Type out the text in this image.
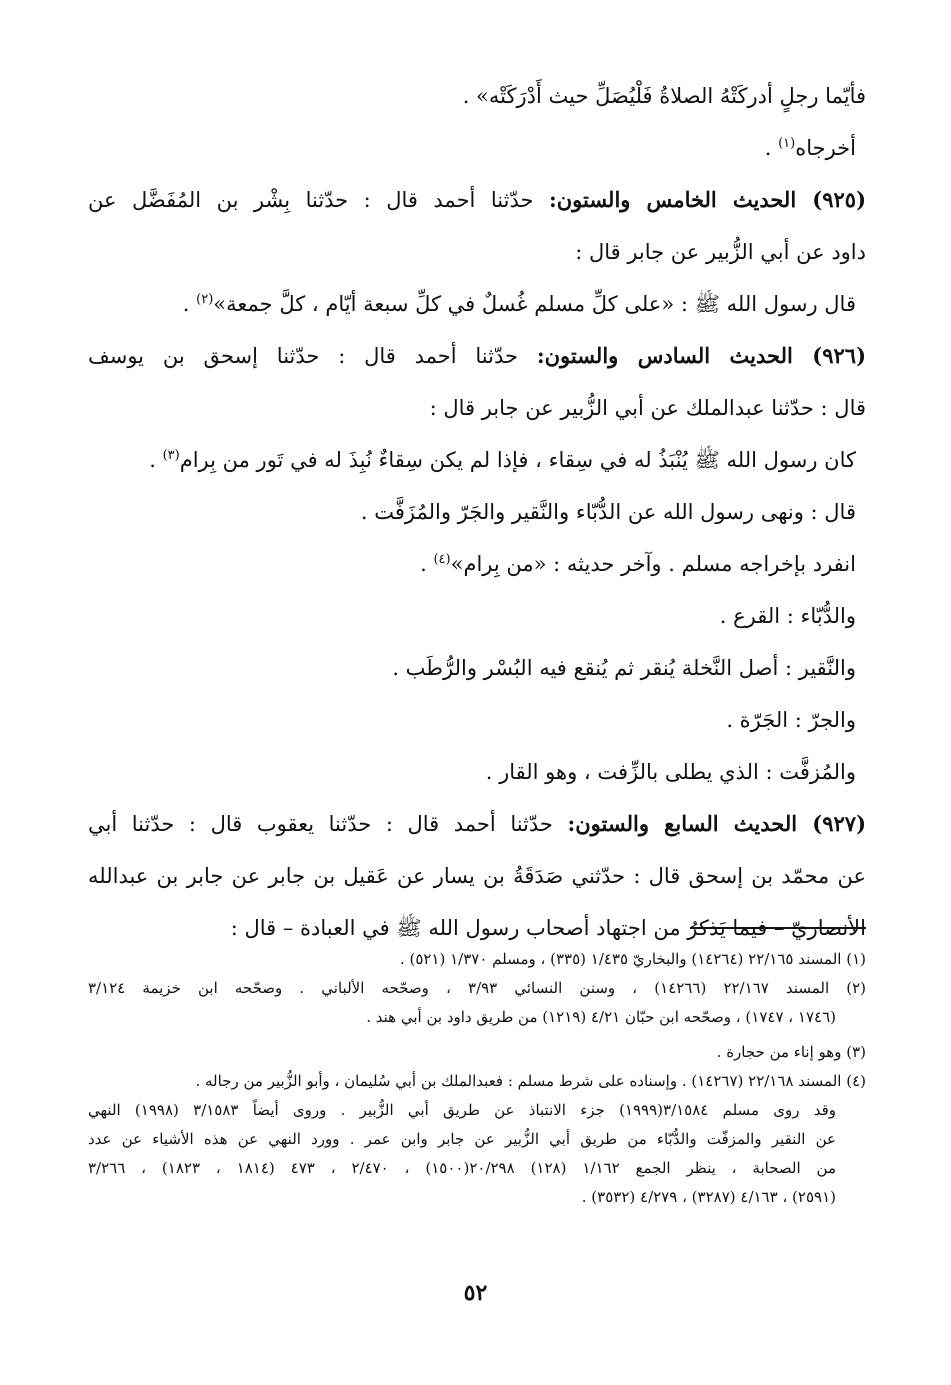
فأيّما رجلٍ أدركَتْهُ الصلاةُ فَلْيُصَلِّ حيث أَدْرَكَتْه» .
أخرجاه$^{(١)}$ .
(٩٢٥) الحديث الخامس والستون: حدّثنا أحمد قال : حدّثنا بِشْر بن المُفَضَّل عن
داود عن أبي الزُّبير عن جابر قال :
قال رسول الله ﷺ : «على كلِّ مسلم غُسلٌ في كلِّ سبعة أيّام ، كلَّ جمعة»$^{(٢)}$ .
(٩٢٦) الحديث السادس والستون: حدّثنا أحمد قال : حدّثنا إسحق بن يوسف
قال : حدّثنا عبدالملك عن أبي الزُّبير عن جابر قال :
كان رسول الله ﷺ يُنْبَذُ له في سِقاء ، فإذا لم يكن سِقاءٌ نُبِذَ له في تَور من بِرام$^{(٣)}$ .
قال : ونهى رسول الله عن الدُّبّاء والنَّقير والجَرّ والمُزَفَّت .
انفرد بإخراجه مسلم . وآخر حديثه : «من بِرام»$^{(٤)}$ .
والدُّبّاء : القرع .
والنَّقير : أصل النَّخلة يُنقر ثم يُنقع فيه البُسْر والرُّطَب .
والجرّ : الجَرّة .
والمُزفَّت : الذي يطلى بالزِّفت ، وهو القار .
(٩٢٧) الحديث السابع والستون: حدّثنا أحمد قال : حدّثنا يعقوب قال : حدّثنا أبي
عن محمّد بن إسحق قال : حدّثني صَدَقَةُ بن يسار عن عَقيل بن جابر عن جابر بن عبدالله
الأنصاريّ – فيما يَذكرُ من اجتهاد أصحاب رسول الله ﷺ في العبادة – قال :
(١) المسند ٢٢/١٦٥ (١٤٢٦٤) والبخاريّ ١/٤٣٥ (٣٣٥) ، ومسلم ١/٣٧٠ (٥٢١) .
(٢) المسند ٢٢/١٦٧ (١٤٢٦٦) ، وسنن النسائي ٣/٩٣ ، وصحّحه الألباني . وصحّحه ابن خزيمة ٣/١٢٤
(١٧٤٦ ، ١٧٤٧) ، وصحّحه ابن حبّان ٤/٢١ (١٢١٩) من طريق داود بن أبي هند .
(٣) وهو إناء من حجارة .
(٤) المسند ٢٢/١٦٨ (١٤٢٦٧) . وإسناده على شرط مسلم : فعبدالملك بن أبي سُليمان ، وأبو الزُّبير من رجاله .
وقد روى مسلم ٣/١٥٨٤(١٩٩٩) جزء الانتباذ عن طريق أبي الزُّبير . وروى أيضاً ٣/١٥٨٣ (١٩٩٨) النهي
عن النقير والمزفّت والدُّبّاء من طريق أبي الزُّبير عن جابر وابن عمر . وورد النهي عن هذه الأشياء عن عدد
من الصحابة ، ينظر الجمع ١/١٦٢ (١٢٨) ٢٠/٢٩٨(١٥٠٠) ، ٢/٤٧٠ ، ٤٧٣ (١٨١٤ ، ١٨٢٣) ، ٣/٢٦٦
(٢٥٩١) ، ٤/١٦٣ (٣٢٨٧) ، ٤/٢٧٩ (٣٥٣٢) .
٥٢
